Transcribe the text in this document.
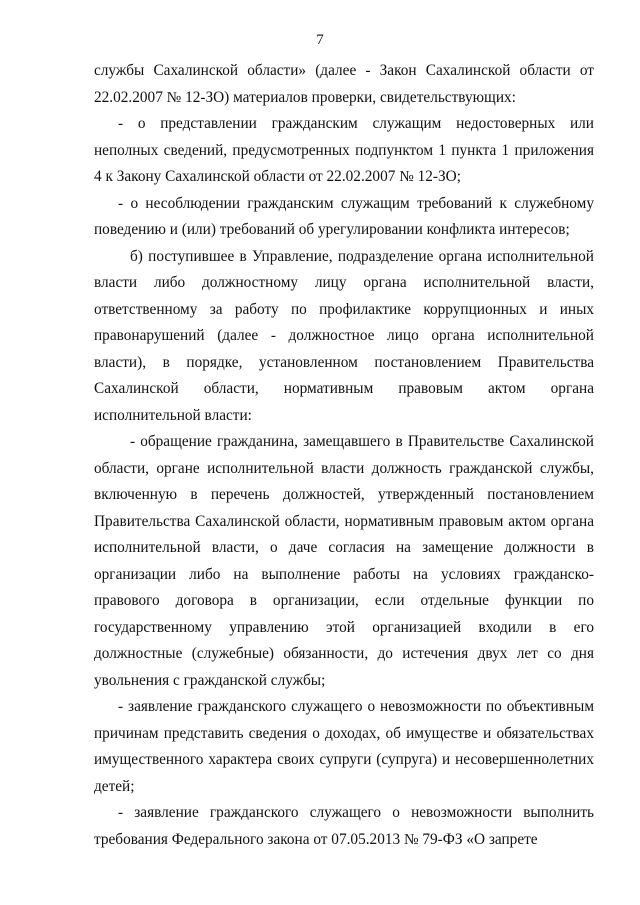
7

службы Сахалинской области» (далее - Закон Сахалинской области от 22.02.2007 № 12-ЗО) материалов проверки, свидетельствующих:

- о представлении гражданским служащим недостоверных или неполных сведений, предусмотренных подпунктом 1 пункта 1 приложения 4 к Закону Сахалинской области от 22.02.2007 № 12-ЗО;

- о несоблюдении гражданским служащим требований к служебному поведению и (или) требований об урегулировании конфликта интересов;

б) поступившее в Управление, подразделение органа исполнительной власти либо должностному лицу органа исполнительной власти, ответственному за работу по профилактике коррупционных и иных правонарушений (далее - должностное лицо органа исполнительной власти), в порядке, установленном постановлением Правительства Сахалинской области, нормативным правовым актом органа исполнительной власти:

- обращение гражданина, замещавшего в Правительстве Сахалинской области, органе исполнительной власти должность гражданской службы, включенную в перечень должностей, утвержденный постановлением Правительства Сахалинской области, нормативным правовым актом органа исполнительной власти, о даче согласия на замещение должности в организации либо на выполнение работы на условиях гражданско-правового договора в организации, если отдельные функции по государственному управлению этой организацией входили в его должностные (служебные) обязанности, до истечения двух лет со дня увольнения с гражданской службы;

- заявление гражданского служащего о невозможности по объективным причинам представить сведения о доходах, об имуществе и обязательствах имущественного характера своих супруги (супруга) и несовершеннолетних детей;

- заявление гражданского служащего о невозможности выполнить требования Федерального закона от 07.05.2013 № 79-ФЗ «О запрете
